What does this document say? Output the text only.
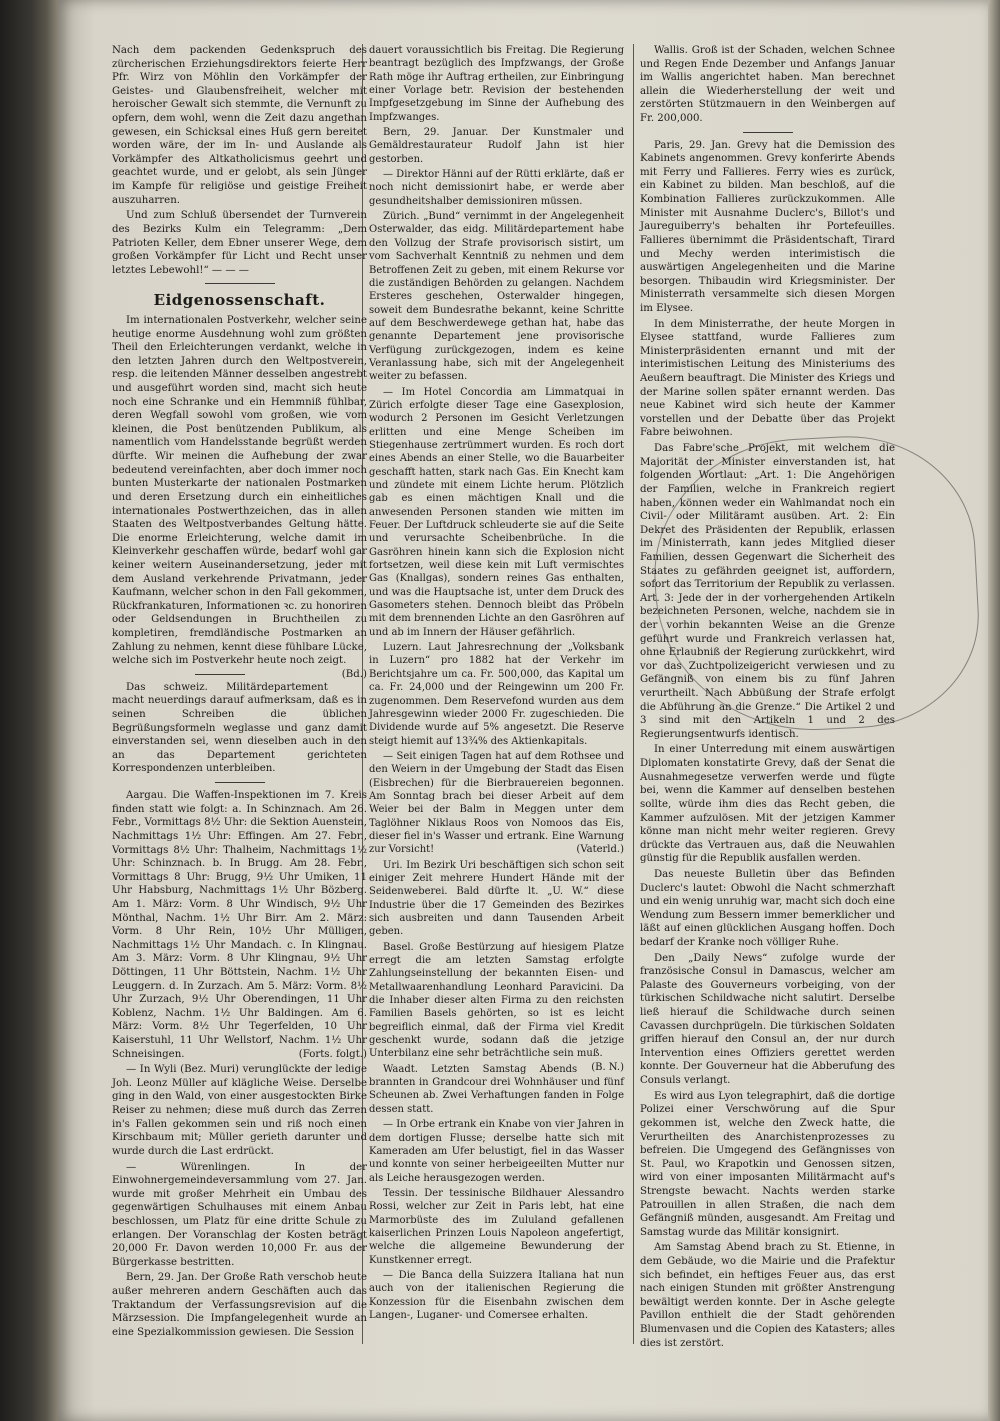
Nach dem packenden Gedenkspruch des zürcherischen Erziehungsdirektors feierte Herr Pfr. Wirz von Möhlin den Vorkämpfer der Geistes- und Glaubensfreiheit, welcher mit heroischer Gewalt sich stemmte, die Vernunft zu opfern, dem wohl, wenn die Zeit dazu angethan gewesen, ein Schicksal eines Huß gern bereitet worden wäre, der im In- und Auslande als Vorkämpfer des Altkatholicismus geehrt und geachtet wurde, und er gelobt, als sein Jünger im Kampfe für religiöse und geistige Freiheit auszuharren.

Und zum Schluß übersendet der Turnverein des Bezirks Kulm ein Telegramm: „Dem Patrioten Keller, dem Ebner unserer Wege, dem großen Vorkämpfer für Licht und Recht unser letztes Lebewohl!“ — — —

Eidgenossenschaft.

Im internationalen Postverkehr, welcher seine heutige enorme Ausdehnung wohl zum größten Theil den Erleichterungen verdankt, welche in den letzten Jahren durch den Weltpostverein, resp. die leitenden Männer desselben angestrebt und ausgeführt worden sind, macht sich heute noch eine Schranke und ein Hemmniß fühlbar, deren Wegfall sowohl vom großen, wie vom kleinen, die Post benützenden Publikum, als namentlich vom Handelsstande begrüßt werden dürfte. Wir meinen die Aufhebung der zwar bedeutend vereinfachten, aber doch immer noch bunten Musterkarte der nationalen Postmarken und deren Ersetzung durch ein einheitliches internationales Postwerthzeichen, das in allen Staaten des Weltpostverbandes Geltung hätte. Die enorme Erleichterung, welche damit im Kleinverkehr geschaffen würde, bedarf wohl gar keiner weitern Auseinandersetzung, jeder mit dem Ausland verkehrende Privatmann, jeder Kaufmann, welcher schon in den Fall gekommen, Rückfrankaturen, Informationen ꝛc. zu honoriren oder Geldsendungen in Bruchtheilen zu kompletiren, fremdländische Postmarken an Zahlung zu nehmen, kennt diese fühlbare Lücke, welche sich im Postverkehr heute noch zeigt.
(Bd.)

Das schweiz. Militärdepartement macht neuerdings darauf aufmerksam, daß es in seinen Schreiben die üblichen Begrüßungsformeln weglasse und ganz damit einverstanden sei, wenn dieselben auch in den an das Departement gerichteten Korrespondenzen unterbleiben.

Aargau. Die Waffen-Inspektionen im 7. Kreis finden statt wie folgt: a. In Schinznach. Am 26. Febr., Vormittags 8½ Uhr: die Sektion Auenstein, Nachmittags 1½ Uhr: Effingen. Am 27. Febr., Vormittags 8½ Uhr: Thalheim, Nachmittags 1½ Uhr: Schinznach. b. In Brugg. Am 28. Febr., Vormittags 8 Uhr: Brugg, 9½ Uhr Umiken, 11 Uhr Habsburg, Nachmittags 1½ Uhr Bözberg. Am 1. März: Vorm. 8 Uhr Windisch, 9½ Uhr Mönthal, Nachm. 1½ Uhr Birr. Am 2. März: Vorm. 8 Uhr Rein, 10½ Uhr Mülligen, Nachmittags 1½ Uhr Mandach. c. In Klingnau. Am 3. März: Vorm. 8 Uhr Klingnau, 9½ Uhr Döttingen, 11 Uhr Böttstein, Nachm. 1½ Uhr Leuggern. d. In Zurzach. Am 5. März: Vorm. 8½ Uhr Zurzach, 9½ Uhr Oberendingen, 11 Uhr Koblenz, Nachm. 1½ Uhr Baldingen. Am 6. März: Vorm. 8½ Uhr Tegerfelden, 10 Uhr Kaiserstuhl, 11 Uhr Wellstorf, Nachm. 1½ Uhr Schneisingen.	(Forts. folgt.)

— In Wyli (Bez. Muri) verunglückte der ledige Joh. Leonz Müller auf klägliche Weise. Derselbe ging in den Wald, von einer ausgestockten Birke Reiser zu nehmen; diese muß durch das Zerren in's Fallen gekommen sein und riß noch einen Kirschbaum mit; Müller gerieth darunter und wurde durch die Last erdrückt.

— Würenlingen. In der Einwohnergemeindeversammlung vom 27. Jan. wurde mit großer Mehrheit ein Umbau des gegenwärtigen Schulhauses mit einem Anbau beschlossen, um Platz für eine dritte Schule zu erlangen. Der Voranschlag der Kosten beträgt 20,000 Fr. Davon werden 10,000 Fr. aus der Bürgerkasse bestritten.

Bern, 29. Jan. Der Große Rath verschob heute außer mehreren andern Geschäften auch das Traktandum der Verfassungsrevision auf die Märzsession. Die Impfangelegenheit wurde an eine Spezialkommission gewiesen. Die Session

dauert voraussichtlich bis Freitag. Die Regierung beantragt bezüglich des Impfzwangs, der Große Rath möge ihr Auftrag ertheilen, zur Einbringung einer Vorlage betr. Revision der bestehenden Impfgesetzgebung im Sinne der Aufhebung des Impfzwanges.

Bern, 29. Januar. Der Kunstmaler und Gemäldrestaurateur Rudolf Jahn ist hier gestorben.

— Direktor Hänni auf der Rütti erklärte, daß er noch nicht demissionirt habe, er werde aber gesundheitshalber demissioniren müssen.

Zürich. „Bund“ vernimmt in der Angelegenheit Osterwalder, das eidg. Militärdepartement habe den Vollzug der Strafe provisorisch sistirt, um vom Sachverhalt Kenntniß zu nehmen und dem Betroffenen Zeit zu geben, mit einem Rekurse vor die zuständigen Behörden zu gelangen. Nachdem Ersteres geschehen, Osterwalder hingegen, soweit dem Bundesrathe bekannt, keine Schritte auf dem Beschwerdewege gethan hat, habe das genannte Departement jene provisorische Verfügung zurückgezogen, indem es keine Veranlassung habe, sich mit der Angelegenheit weiter zu befassen.

— Im Hotel Concordia am Limmatquai in Zürich erfolgte dieser Tage eine Gasexplosion, wodurch 2 Personen im Gesicht Verletzungen erlitten und eine Menge Scheiben im Stiegenhause zertrümmert wurden. Es roch dort eines Abends an einer Stelle, wo die Bauarbeiter geschafft hatten, stark nach Gas. Ein Knecht kam und zündete mit einem Lichte herum. Plötzlich gab es einen mächtigen Knall und die anwesenden Personen standen wie mitten im Feuer. Der Luftdruck schleuderte sie auf die Seite und verursachte Scheibenbrüche. In die Gasröhren hinein kann sich die Explosion nicht fortsetzen, weil diese kein mit Luft vermischtes Gas (Knallgas), sondern reines Gas enthalten, und was die Hauptsache ist, unter dem Druck des Gasometers stehen. Dennoch bleibt das Pröbeln mit dem brennenden Lichte an den Gasröhren auf und ab im Innern der Häuser gefährlich.

Luzern. Laut Jahresrechnung der „Volksbank in Luzern“ pro 1882 hat der Verkehr im Berichtsjahre um ca. Fr. 500,000, das Kapital um ca. Fr. 24,000 und der Reingewinn um 200 Fr. zugenommen. Dem Reservefond wurden aus dem Jahresgewinn wieder 2000 Fr. zugeschieden. Die Dividende wurde auf 5% angesetzt. Die Reserve steigt hiemit auf 13¾% des Aktienkapitals.

— Seit einigen Tagen hat auf dem Rothsee und den Weiern in der Umgebung der Stadt das Eisen (Eisbrechen) für die Bierbrauereien begonnen. Am Sonntag brach bei dieser Arbeit auf dem Weier bei der Balm in Meggen unter dem Taglöhner Niklaus Roos von Nomoos das Eis, dieser fiel in's Wasser und ertrank. Eine Warnung zur Vorsicht!	(Vaterld.)

Uri. Im Bezirk Uri beschäftigen sich schon seit einiger Zeit mehrere Hundert Hände mit der Seidenweberei. Bald dürfte lt. „U. W.“ diese Industrie über die 17 Gemeinden des Bezirkes sich ausbreiten und dann Tausenden Arbeit geben.

Basel. Große Bestürzung auf hiesigem Platze erregt die am letzten Samstag erfolgte Zahlungseinstellung der bekannten Eisen- und Metallwaarenhandlung Leonhard Paravicini. Da die Inhaber dieser alten Firma zu den reichsten Familien Basels gehörten, so ist es leicht begreiflich einmal, daß der Firma viel Kredit geschenkt wurde, sodann daß die jetzige Unterbilanz eine sehr beträchtliche sein muß.
(B. N.)

Waadt. Letzten Samstag Abends brannten in Grandcour drei Wohnhäuser und fünf Scheunen ab. Zwei Verhaftungen fanden in Folge dessen statt.

— In Orbe ertrank ein Knabe von vier Jahren in dem dortigen Flusse; derselbe hatte sich mit Kameraden am Ufer belustigt, fiel in das Wasser und konnte von seiner herbeigeeilten Mutter nur als Leiche herausgezogen werden.

Tessin. Der tessinische Bildhauer Alessandro Rossi, welcher zur Zeit in Paris lebt, hat eine Marmorbüste des im Zululand gefallenen kaiserlichen Prinzen Louis Napoleon angefertigt, welche die allgemeine Bewunderung der Kunstkenner erregt.

— Die Banca della Suizzera Italiana hat nun auch von der italienischen Regierung die Konzession für die Eisenbahn zwischen dem Langen-, Luganer- und Comersee erhalten.

Wallis. Groß ist der Schaden, welchen Schnee und Regen Ende Dezember und Anfangs Januar im Wallis angerichtet haben. Man berechnet allein die Wiederherstellung der weit und zerstörten Stützmauern in den Weinbergen auf Fr. 200,000.

Paris, 29. Jan. Grevy hat die Demission des Kabinets angenommen. Grevy konferirte Abends mit Ferry und Fallieres. Ferry wies es zurück, ein Kabinet zu bilden. Man beschloß, auf die Kombination Fallieres zurückzukommen. Alle Minister mit Ausnahme Duclerc's, Billot's und Jaureguiberry's behalten ihr Portefeuilles. Fallieres übernimmt die Präsidentschaft, Tirard und Mechy werden interimistisch die auswärtigen Angelegenheiten und die Marine besorgen. Thibaudin wird Kriegsminister. Der Ministerrath versammelte sich diesen Morgen im Elysee.

In dem Ministerrathe, der heute Morgen in Elysee stattfand, wurde Fallieres zum Ministerpräsidenten ernannt und mit der interimistischen Leitung des Ministeriums des Aeußern beauftragt. Die Minister des Kriegs und der Marine sollen später ernannt werden. Das neue Kabinet wird sich heute der Kammer vorstellen und der Debatte über das Projekt Fabre beiwohnen.

Das Fabre'sche Projekt, mit welchem die Majorität der Minister einverstanden ist, hat folgenden Wortlaut: „Art. 1: Die Angehörigen der Familien, welche in Frankreich regiert haben, können weder ein Wahlmandat noch ein Civil- oder Militäramt ausüben. Art. 2: Ein Dekret des Präsidenten der Republik, erlassen im Ministerrath, kann jedes Mitglied dieser Familien, dessen Gegenwart die Sicherheit des Staates zu gefährden geeignet ist, auffordern, sofort das Territorium der Republik zu verlassen. Art. 3: Jede der in der vorhergehenden Artikeln bezeichneten Personen, welche, nachdem sie in der vorhin bekannten Weise an die Grenze geführt wurde und Frankreich verlassen hat, ohne Erlaubniß der Regierung zurückkehrt, wird vor das Zuchtpolizeigericht verwiesen und zu Gefängniß von einem bis zu fünf Jahren verurtheilt. Nach Abbüßung der Strafe erfolgt die Abführung an die Grenze.“ Die Artikel 2 und 3 sind mit den Artikeln 1 und 2 des Regierungsentwurfs identisch.

In einer Unterredung mit einem auswärtigen Diplomaten konstatirte Grevy, daß der Senat die Ausnahmegesetze verwerfen werde und fügte bei, wenn die Kammer auf denselben bestehen sollte, würde ihm dies das Recht geben, die Kammer aufzulösen. Mit der jetzigen Kammer könne man nicht mehr weiter regieren. Grevy drückte das Vertrauen aus, daß die Neuwahlen günstig für die Republik ausfallen werden.

Das neueste Bulletin über das Befinden Duclerc's lautet: Obwohl die Nacht schmerzhaft und ein wenig unruhig war, macht sich doch eine Wendung zum Bessern immer bemerklicher und läßt auf einen glücklichen Ausgang hoffen. Doch bedarf der Kranke noch völliger Ruhe.

Den „Daily News“ zufolge wurde der französische Consul in Damascus, welcher am Palaste des Gouverneurs vorbeiging, von der türkischen Schildwache nicht salutirt. Derselbe ließ hierauf die Schildwache durch seinen Cavassen durchprügeln. Die türkischen Soldaten griffen hierauf den Consul an, der nur durch Intervention eines Offiziers gerettet werden konnte. Der Gouverneur hat die Abberufung des Consuls verlangt.

Es wird aus Lyon telegraphirt, daß die dortige Polizei einer Verschwörung auf die Spur gekommen ist, welche den Zweck hatte, die Verurtheilten des Anarchistenprozesses zu befreien. Die Umgegend des Gefängnisses von St. Paul, wo Krapotkin und Genossen sitzen, wird von einer imposanten Militärmacht auf's Strengste bewacht. Nachts werden starke Patrouillen in allen Straßen, die nach dem Gefängniß münden, ausgesandt. Am Freitag und Samstag wurde das Militär konsignirt.

Am Samstag Abend brach zu St. Etienne, in dem Gebäude, wo die Mairie und die Prafektur sich befindet, ein heftiges Feuer aus, das erst nach einigen Stunden mit größter Anstrengung bewältigt werden konnte. Der in Asche gelegte Pavillon enthielt die der Stadt gehörenden Blumenvasen und die Copien des Katasters; alles dies ist zerstört.
